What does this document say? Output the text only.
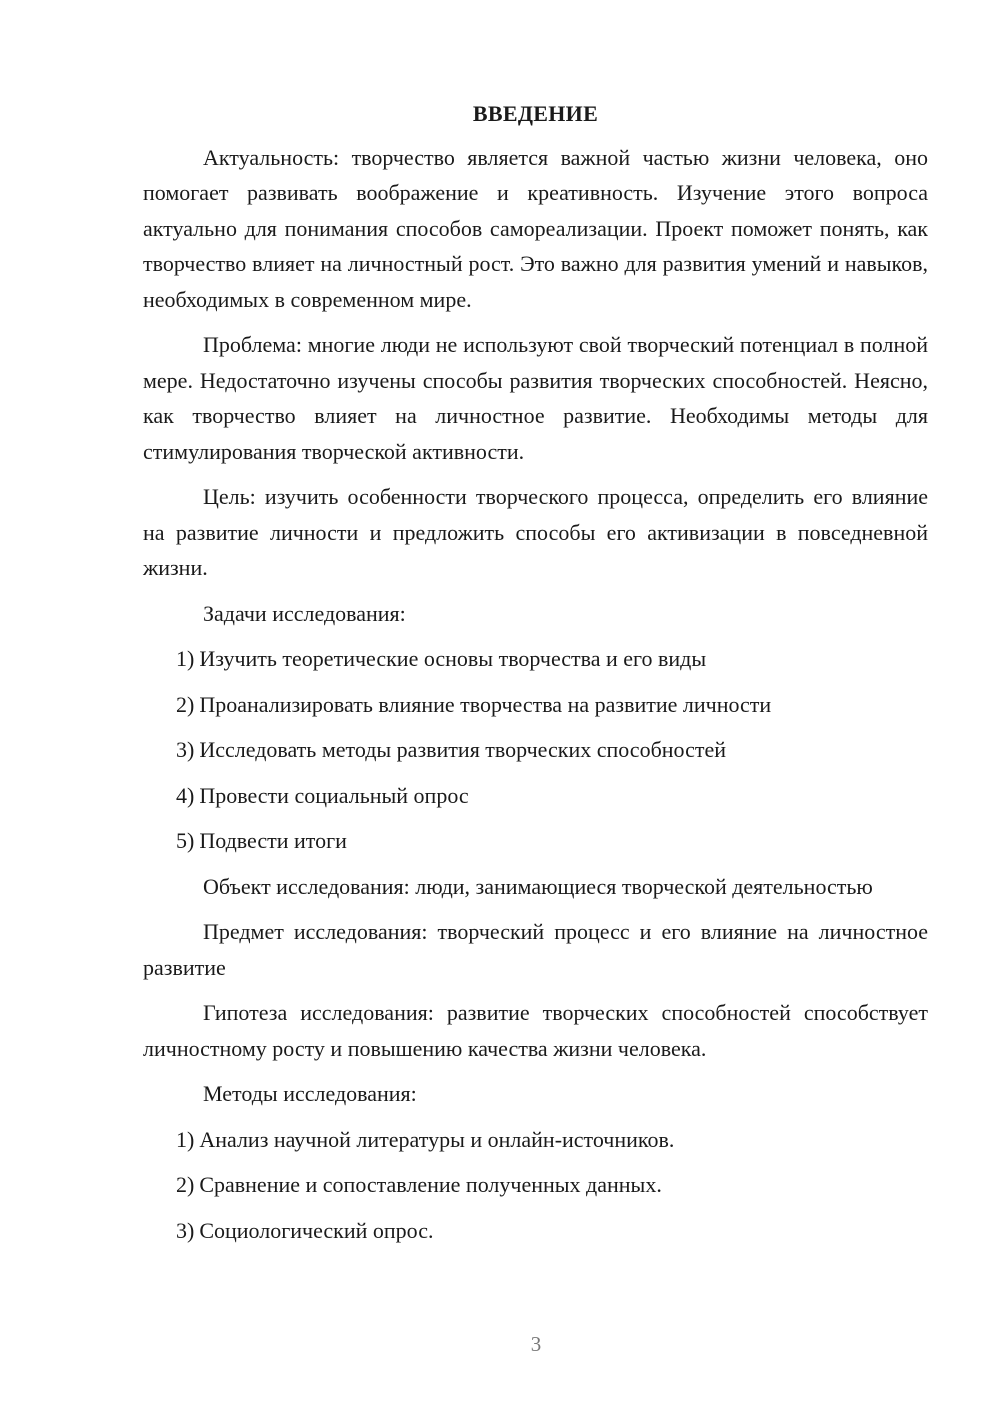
ВВЕДЕНИЕ

Актуальность: творчество является важной частью жизни человека, оно помогает развивать воображение и креативность. Изучение этого вопроса актуально для понимания способов самореализации. Проект поможет понять, как творчество влияет на личностный рост. Это важно для развития умений и навыков, необходимых в современном мире.

Проблема: многие люди не используют свой творческий потенциал в полной мере. Недостаточно изучены способы развития творческих способностей. Неясно, как творчество влияет на личностное развитие. Необходимы методы для стимулирования творческой активности.

Цель: изучить особенности творческого процесса, определить его влияние на развитие личности и предложить способы его активизации в повседневной жизни.

Задачи исследования:

1) Изучить теоретические основы творчества и его виды

2) Проанализировать влияние творчества на развитие личности

3) Исследовать методы развития творческих способностей

4) Провести социальный опрос

5) Подвести итоги

Объект исследования: люди, занимающиеся творческой деятельностью

Предмет исследования: творческий процесс и его влияние на личностное развитие

Гипотеза исследования: развитие творческих способностей способствует личностному росту и повышению качества жизни человека.

Методы исследования:

1) Анализ научной литературы и онлайн-источников.

2) Сравнение и сопоставление полученных данных.

3) Социологический опрос.

3
